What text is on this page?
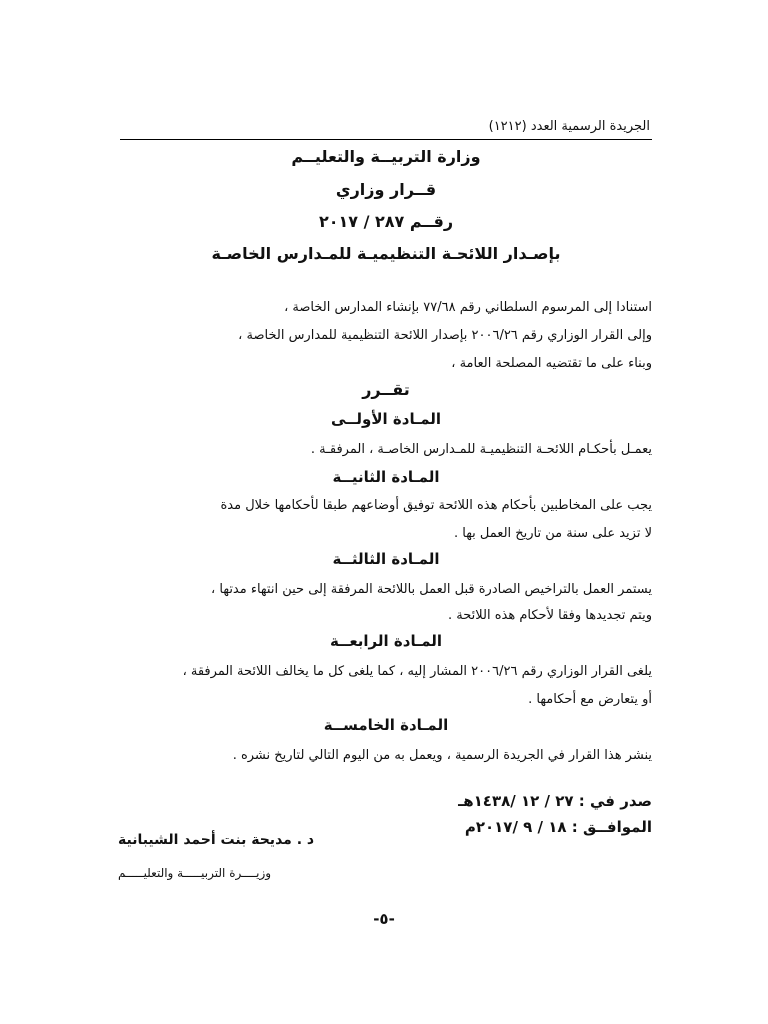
الجريدة الرسمية العدد (١٢١٢)
وزارة التربيــة والتعليــم
قــرار وزاري
رقــم ٢٨٧ / ٢٠١٧
بإصـدار اللائحـة التنظيميـة للمـدارس الخاصـة
استنادا إلى المرسوم السلطاني رقم ٧٧/٦٨ بإنشاء المدارس الخاصة ،
وإلى القرار الوزاري رقم ٢٠٠٦/٢٦ بإصدار اللائحة التنظيمية للمدارس الخاصة ،
وبناء على ما تقتضيه المصلحة العامة ،
تقــرر
المـادة الأولــى
يعمـل بأحكـام اللائحـة التنظيميـة للمـدارس الخاصـة ، المرفقـة .
المـادة الثانيــة
يجب على المخاطبين بأحكام هذه اللائحة توفيق أوضاعهم طبقا لأحكامها خلال مدة
لا تزيد على سنة من تاريخ العمل بها .
المـادة الثالثــة
يستمر العمل بالتراخيص الصادرة قبل العمل باللائحة المرفقة إلى حين انتهاء مدتها ،
ويتم تجديدها وفقا لأحكام هذه اللائحة .
المـادة الرابعــة
يلغى القرار الوزاري رقم ٢٠٠٦/٢٦ المشار إليه ، كما يلغى كل ما يخالف اللائحة المرفقة ،
أو يتعارض مع أحكامها .
المـادة الخامســة
ينشر هذا القرار في الجريدة الرسمية ، ويعمل به من اليوم التالي لتاريخ نشره .
صدر في : ٢٧ / ١٢ /١٤٣٨هـ
الموافــق : ١٨ / ٩ /٢٠١٧م
د . مديحة بنت أحمد الشيبانية
وزيــــرة التربيـــــة والتعليـــــم
-٥-
